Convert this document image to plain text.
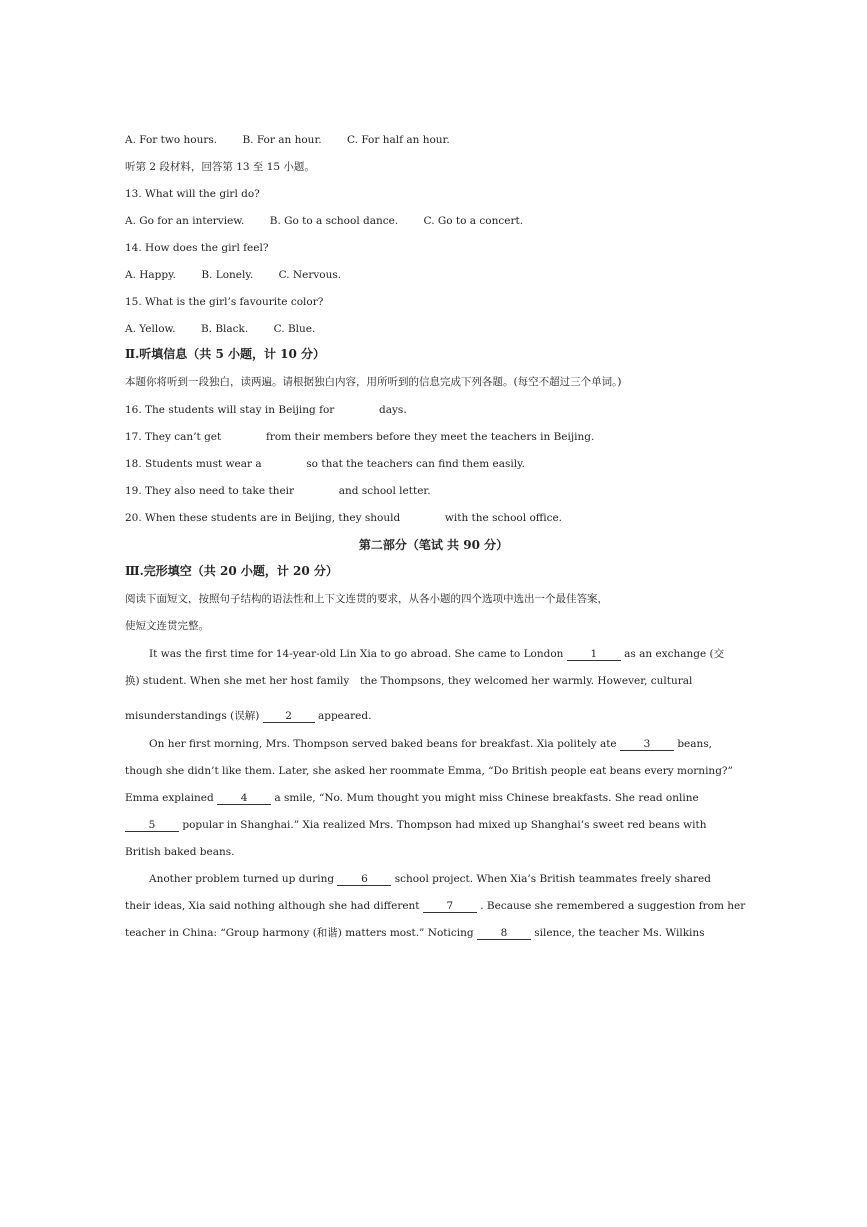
A. For two hours. B. For an hour. C. For half an hour.
听第 2 段材料，回答第 13 至 15 小题。
13. What will the girl do?
A. Go for an interview. B. Go to a school dance. C. Go to a concert.
14. How does the girl feel?
A. Happy. B. Lonely. C. Nervous.
15. What is the girl’s favourite color?
A. Yellow. B. Black. C. Blue.
Ⅱ.听填信息（共 5 小题，计 10 分）
本题你将听到一段独白，读两遍。请根据独白内容，用所听到的信息完成下列各题。(每空不超过三个单词。)
16. The students will stay in Beijing for	days.
17. They can’t get	from their members before they meet the teachers in Beijing.
18. Students must wear a	so that the teachers can find them easily.
19. They also need to take their	and school letter.
20. When these students are in Beijing, they should	with the school office.
第二部分（笔试 共 90 分）
Ⅲ.完形填空（共 20 小题，计 20 分）
阅读下面短文，按照句子结构的语法性和上下文连贯的要求，从各小题的四个选项中选出一个最佳答案，
使短文连贯完整。
It was the first time for 14-year-old Lin Xia to go abroad. She came to London	1	as an exchange (交
换) student. When she met her host family the Thompsons, they welcomed her warmly. However, cultural
misunderstandings (误解) 2 appeared.
On her first morning, Mrs. Thompson served baked beans for breakfast. Xia politely ate	3	beans,
though she didn’t like them. Later, she asked her roommate Emma, “Do British people eat beans every morning?”
Emma explained	4	a smile, “No. Mum thought you might miss Chinese breakfasts. She read online
5	popular in Shanghai.” Xia realized Mrs. Thompson had mixed up Shanghai’s sweet red beans with
British baked beans.
Another problem turned up during	6	school project. When Xia’s British teammates freely shared
their ideas, Xia said nothing although she had different	7	. Because she remembered a suggestion from her
teacher in China: “Group harmony (和谐) matters most.” Noticing	8	silence, the teacher Ms. Wilkins
